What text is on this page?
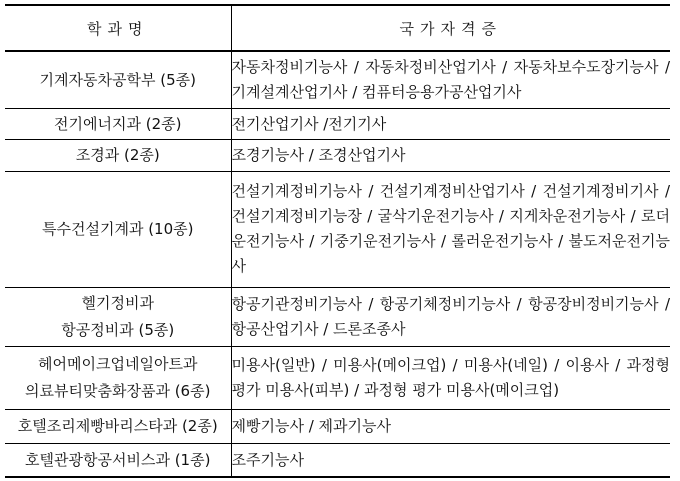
학과명	국가자격증

기계자동차공학부 (5종)	자동차정비기능사 / 자동차정비산업기사 / 자동차보수도장기능사 / 기계설계산업기사 / 컴퓨터응용가공산업기사

전기에너지과 (2종)	전기산업기사 /전기기사

조경과 (2종)	조경기능사 / 조경산업기사

특수건설기계과 (10종)	건설기계정비기능사 / 건설기계정비산업기사 / 건설기계정비기사 / 건설기계정비기능장 / 굴삭기운전기능사 / 지게차운전기능사 / 로더운전기능사 / 기중기운전기능사 / 롤러운전기능사 / 불도저운전기능사

헬기정비과
항공정비과 (5종)	항공기관정비기능사 / 항공기체정비기능사 / 항공장비정비기능사 / 항공산업기사 / 드론조종사

헤어메이크업네일아트과
의료뷰티맞춤화장품과 (6종)	미용사(일반) / 미용사(메이크업) / 미용사(네일) / 이용사 / 과정형 평가 미용사(피부) / 과정형 평가 미용사(메이크업)

호텔조리제빵바리스타과 (2종)	제빵기능사 / 제과기능사

호텔관광항공서비스과 (1종)	조주기능사
